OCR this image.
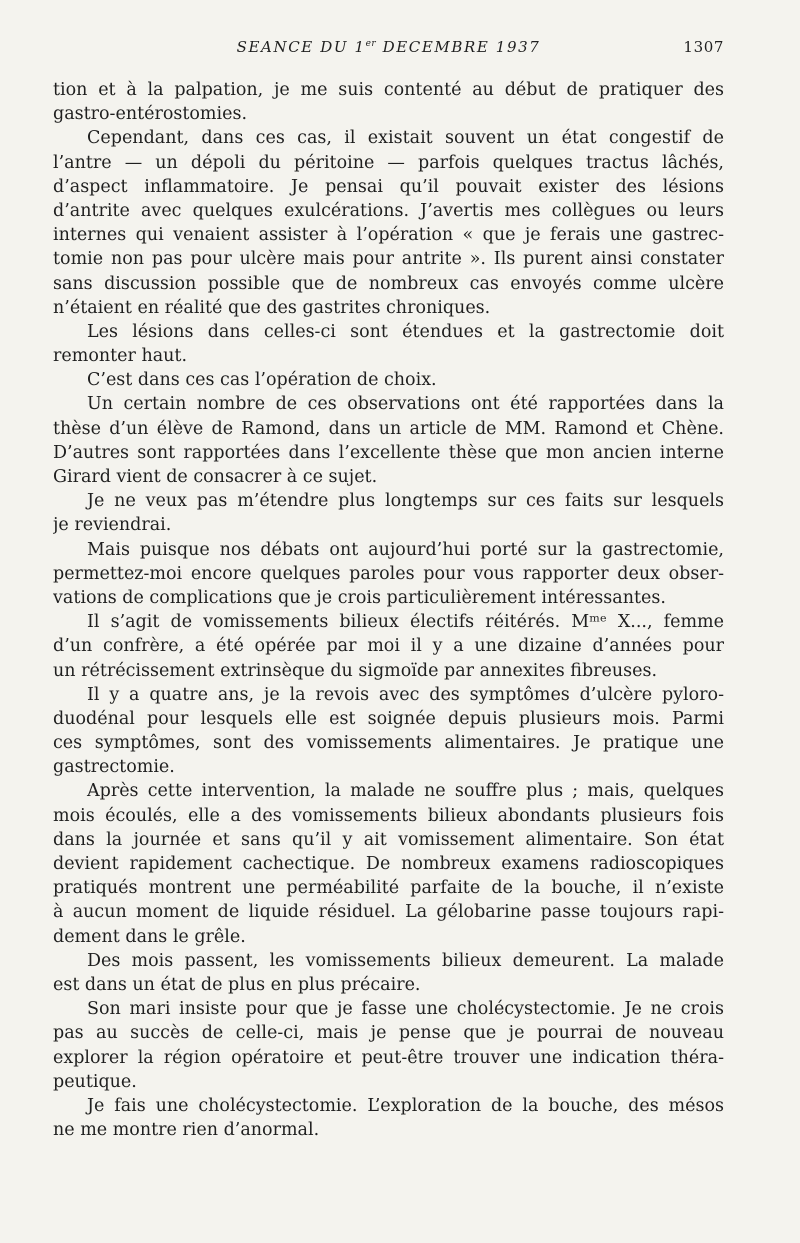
SEANCE DU 1er DECEMBRE 1937	1307

tion et à la palpation, je me suis contenté au début de pratiquer des
gastro-entérostomies.

Cependant, dans ces cas, il existait souvent un état congestif de
l’antre — un dépoli du péritoine — parfois quelques tractus lâchés,
d’aspect inflammatoire. Je pensai qu’il pouvait exister des lésions
d’antrite avec quelques exulcérations. J’avertis mes collègues ou leurs
internes qui venaient assister à l’opération « que je ferais une gastrec-
tomie non pas pour ulcère mais pour antrite ». Ils purent ainsi constater
sans discussion possible que de nombreux cas envoyés comme ulcère
n’étaient en réalité que des gastrites chroniques.

Les lésions dans celles-ci sont étendues et la gastrectomie doit
remonter haut.

C’est dans ces cas l’opération de choix.

Un certain nombre de ces observations ont été rapportées dans la
thèse d’un élève de Ramond, dans un article de MM. Ramond et Chène.
D’autres sont rapportées dans l’excellente thèse que mon ancien interne
Girard vient de consacrer à ce sujet.

Je ne veux pas m’étendre plus longtemps sur ces faits sur lesquels
je reviendrai.

Mais puisque nos débats ont aujourd’hui porté sur la gastrectomie,
permettez-moi encore quelques paroles pour vous rapporter deux obser-
vations de complications que je crois particulièrement intéressantes.

Il s’agit de vomissements bilieux électifs réitérés. Mᵐᵉ X..., femme
d’un confrère, a été opérée par moi il y a une dizaine d’années pour
un rétrécissement extrinsèque du sigmoïde par annexites fibreuses.

Il y a quatre ans, je la revois avec des symptômes d’ulcère pyloro-
duodénal pour lesquels elle est soignée depuis plusieurs mois. Parmi
ces symptômes, sont des vomissements alimentaires. Je pratique une
gastrectomie.

Après cette intervention, la malade ne souffre plus ; mais, quelques
mois écoulés, elle a des vomissements bilieux abondants plusieurs fois
dans la journée et sans qu’il y ait vomissement alimentaire. Son état
devient rapidement cachectique. De nombreux examens radioscopiques
pratiqués montrent une perméabilité parfaite de la bouche, il n’existe
à aucun moment de liquide résiduel. La gélobarine passe toujours rapi-
dement dans le grêle.

Des mois passent, les vomissements bilieux demeurent. La malade
est dans un état de plus en plus précaire.

Son mari insiste pour que je fasse une cholécystectomie. Je ne crois
pas au succès de celle-ci, mais je pense que je pourrai de nouveau
explorer la région opératoire et peut-être trouver une indication théra-
peutique.

Je fais une cholécystectomie. L’exploration de la bouche, des mésos
ne me montre rien d’anormal.
